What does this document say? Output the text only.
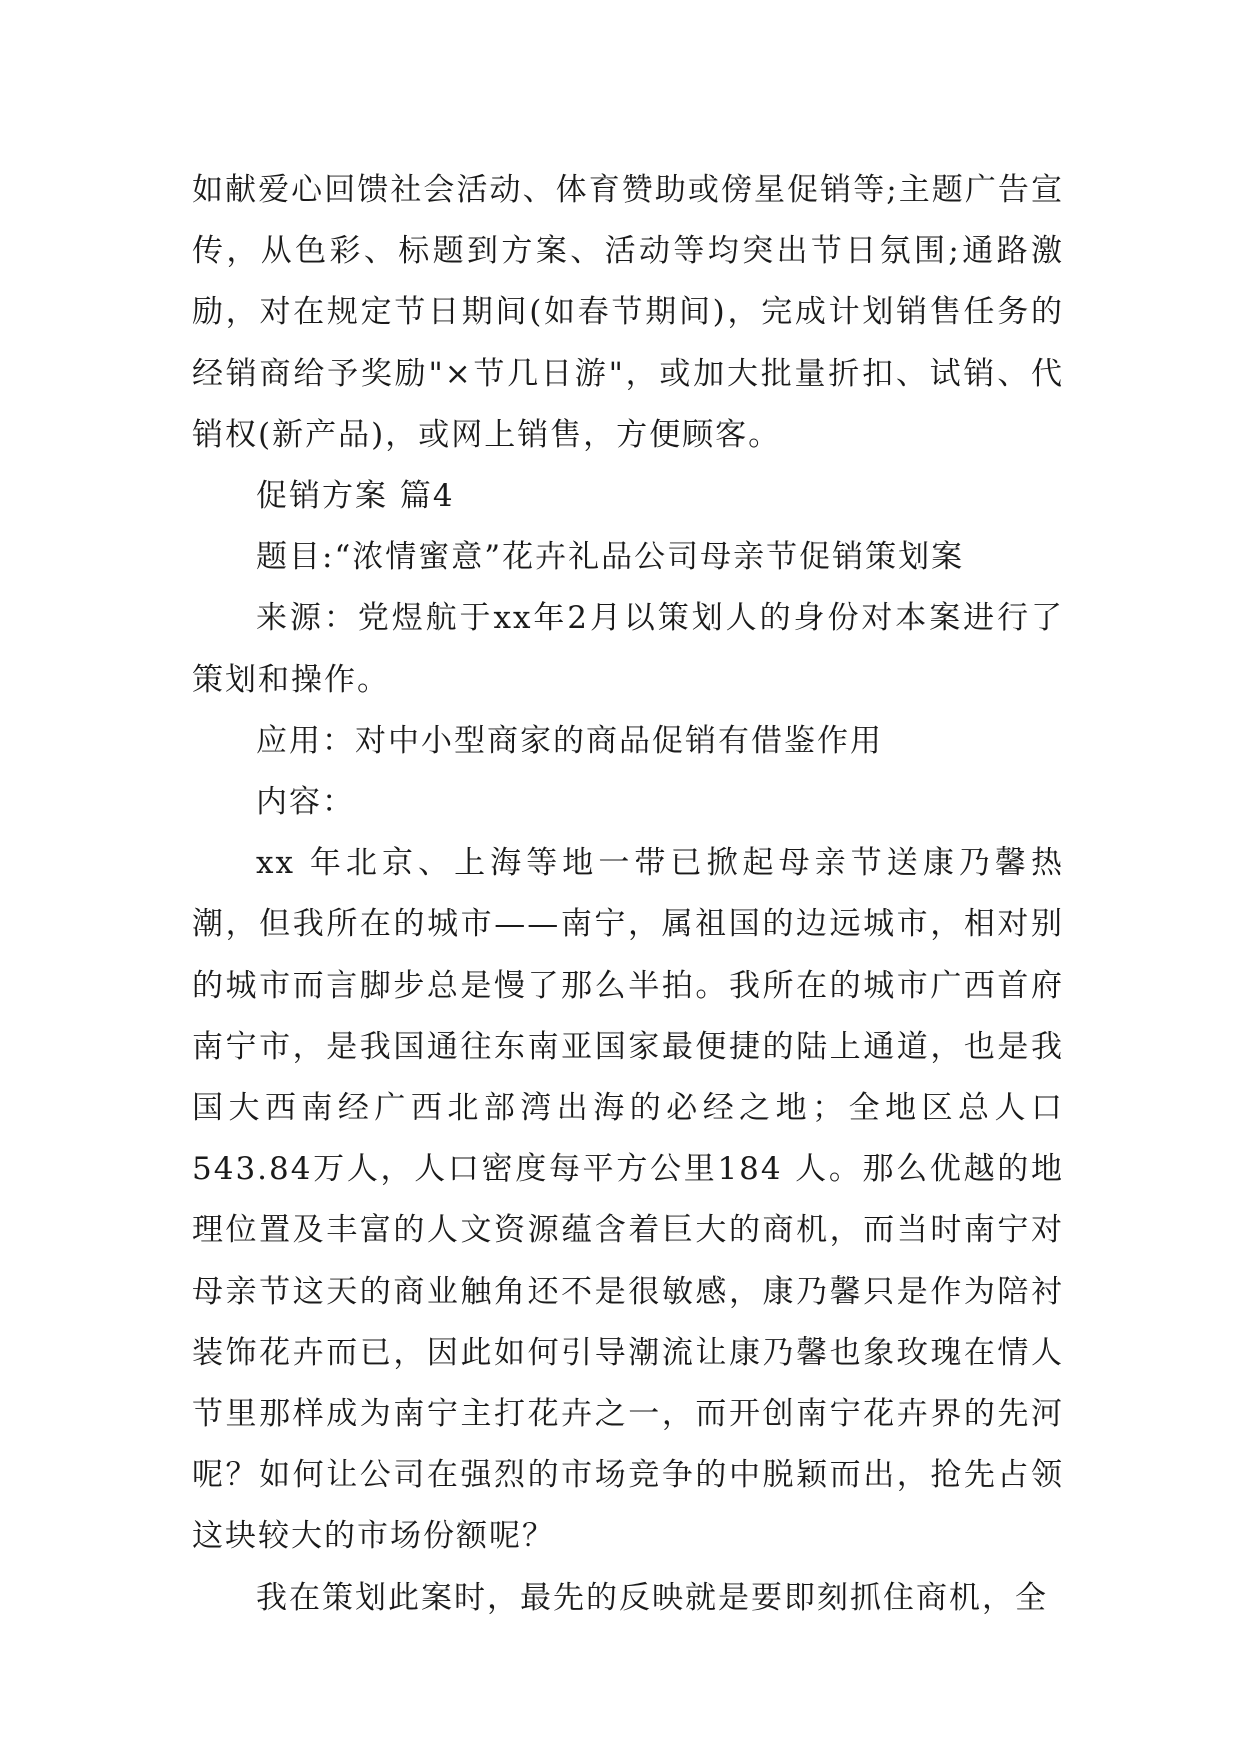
如献爱心回馈社会活动、体育赞助或傍星促销等;主题广告宣传，从色彩、标题到方案、活动等均突出节日氛围;通路激励，对在规定节日期间(如春节期间)，完成计划销售任务的经销商给予奖励"×节几日游"，或加大批量折扣、试销、代销权(新产品)，或网上销售，方便顾客。

促销方案 篇4

题目:“浓情蜜意”花卉礼品公司母亲节促销策划案

来源：党煜航于xx年2月以策划人的身份对本案进行了策划和操作。

应用：对中小型商家的商品促销有借鉴作用

内容：

xx 年北京、上海等地一带已掀起母亲节送康乃馨热潮，但我所在的城市——南宁，属祖国的边远城市，相对别的城市而言脚步总是慢了那么半拍。我所在的城市广西首府南宁市，是我国通往东南亚国家最便捷的陆上通道，也是我国大西南经广西北部湾出海的必经之地；全地区总人口543.84万人，人口密度每平方公里184 人。那么优越的地理位置及丰富的人文资源蕴含着巨大的商机，而当时南宁对母亲节这天的商业触角还不是很敏感，康乃馨只是作为陪衬装饰花卉而已，因此如何引导潮流让康乃馨也象玫瑰在情人节里那样成为南宁主打花卉之一，而开创南宁花卉界的先河呢？如何让公司在强烈的市场竞争的中脱颖而出，抢先占领这块较大的市场份额呢？

我在策划此案时，最先的反映就是要即刻抓住商机，全
